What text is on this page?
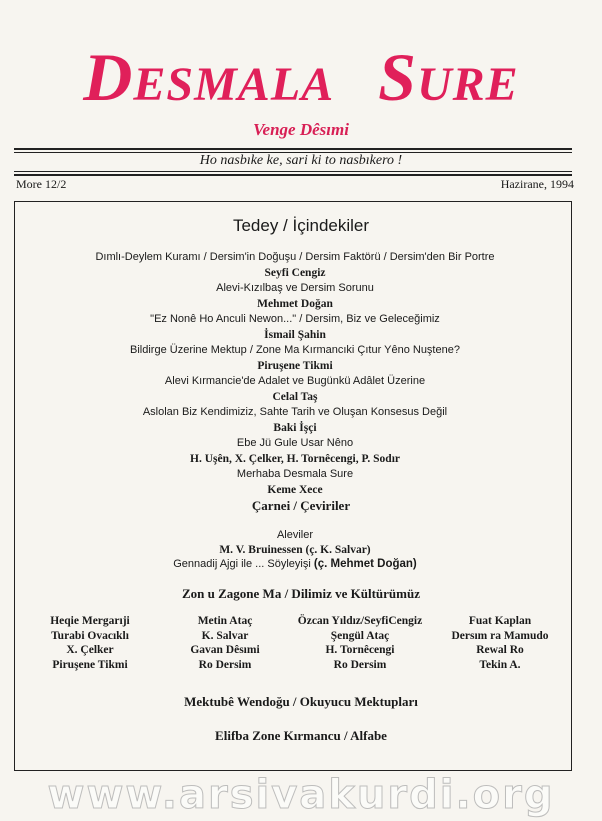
DESMALA SURE
Venge Dêsımi
Ho nasbıke ke, sari ki to nasbıkero !
More 12/2	Hazirane, 1994
Tedey / İçindekiler
Dımlı-Deylem Kuramı / Dersim'in Doğuşu / Dersim Faktörü / Dersim'den Bir Portre
Seyfi Cengiz
Alevi-Kızılbaş ve Dersim Sorunu
Mehmet Doğan
"Ez Nonê Ho Anculi Newon..." / Dersim, Biz ve Geleceğimiz
İsmail Şahin
Bildirge Üzerine Mektup / Zone Ma Kırmancıki Çıtur Yêno Nuştene?
Piruşene Tikmi
Alevi Kırmancie'de Adalet ve Bugünkü Adâlet Üzerine
Celal Taş
Aslolan Biz Kendimiziz, Sahte Tarih ve Oluşan Konsesus Değil
Baki İşçi
Ebe Jü Gule Usar Nêno
H. Uşên, X. Çelker, H. Tornêcengi, P. Sodır
Merhaba Desmala Sure
Keme Xece
Çarnei / Çeviriler
Aleviler
M. V. Bruinessen (ç. K. Salvar)
Gennadij Ajgi ile ... Söyleyişi (ç. Mehmet Doğan)
Zon u Zagone Ma / Dilimiz ve Kültürümüz
Heqie Mergarıji
Turabi Ovacıklı
X. Çelker
Piruşene Tikmi
Metin Ataç
K. Salvar
Gavan Dêsımi
Ro Dersim
Özcan Yıldız/SeyfiCengiz
Şengül Ataç
H. Tornêcengi
Ro Dersim
Fuat Kaplan
Dersım ra Mamudo
Rewal Ro
Tekin A.
Mektubê Wendoğu / Okuyucu Mektupları
Elifba Zone Kırmancu / Alfabe
www.arsivakurdi.org
